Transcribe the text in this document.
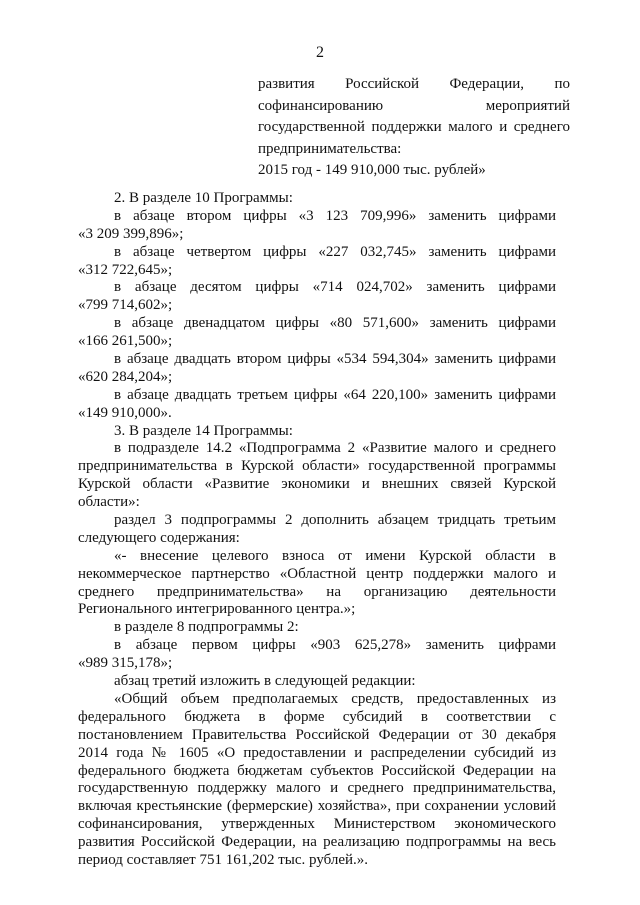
2
развития Российской Федерации, по
софинансированию мероприятий
государственной поддержки малого и среднего
предпринимательства:
2015 год - 149 910,000 тыс. рублей»
2. В разделе 10 Программы:
в абзаце втором цифры «3 123 709,996» заменить цифрами
«3 209 399,896»;
в абзаце четвертом цифры «227 032,745» заменить цифрами
«312 722,645»;
в абзаце десятом цифры «714 024,702» заменить цифрами
«799 714,602»;
в абзаце двенадцатом цифры «80 571,600» заменить цифрами
«166 261,500»;
в абзаце двадцать втором цифры «534 594,304» заменить цифрами
«620 284,204»;
в абзаце двадцать третьем цифры «64 220,100» заменить цифрами
«149 910,000».
3. В разделе 14 Программы:
в подразделе 14.2 «Подпрограмма 2 «Развитие малого и среднего
предпринимательства в Курской области» государственной программы
Курской области «Развитие экономики и внешних связей Курской
области»:
раздел 3 подпрограммы 2 дополнить абзацем тридцать третьим
следующего содержания:
«- внесение целевого взноса от имени Курской области в
некоммерческое партнерство «Областной центр поддержки малого и
среднего предпринимательства» на организацию деятельности
Регионального интегрированного центра.»;
в разделе 8 подпрограммы 2:
в абзаце первом цифры «903 625,278» заменить цифрами
«989 315,178»;
абзац третий изложить в следующей редакции:
«Общий объем предполагаемых средств, предоставленных из
федерального бюджета в форме субсидий в соответствии с
постановлением Правительства Российской Федерации от 30 декабря
2014 года № 1605 «О предоставлении и распределении субсидий из
федерального бюджета бюджетам субъектов Российской Федерации на
государственную поддержку малого и среднего предпринимательства,
включая крестьянские (фермерские) хозяйства», при сохранении условий
софинансирования, утвержденных Министерством экономического
развития Российской Федерации, на реализацию подпрограммы на весь
период составляет 751 161,202 тыс. рублей.».
